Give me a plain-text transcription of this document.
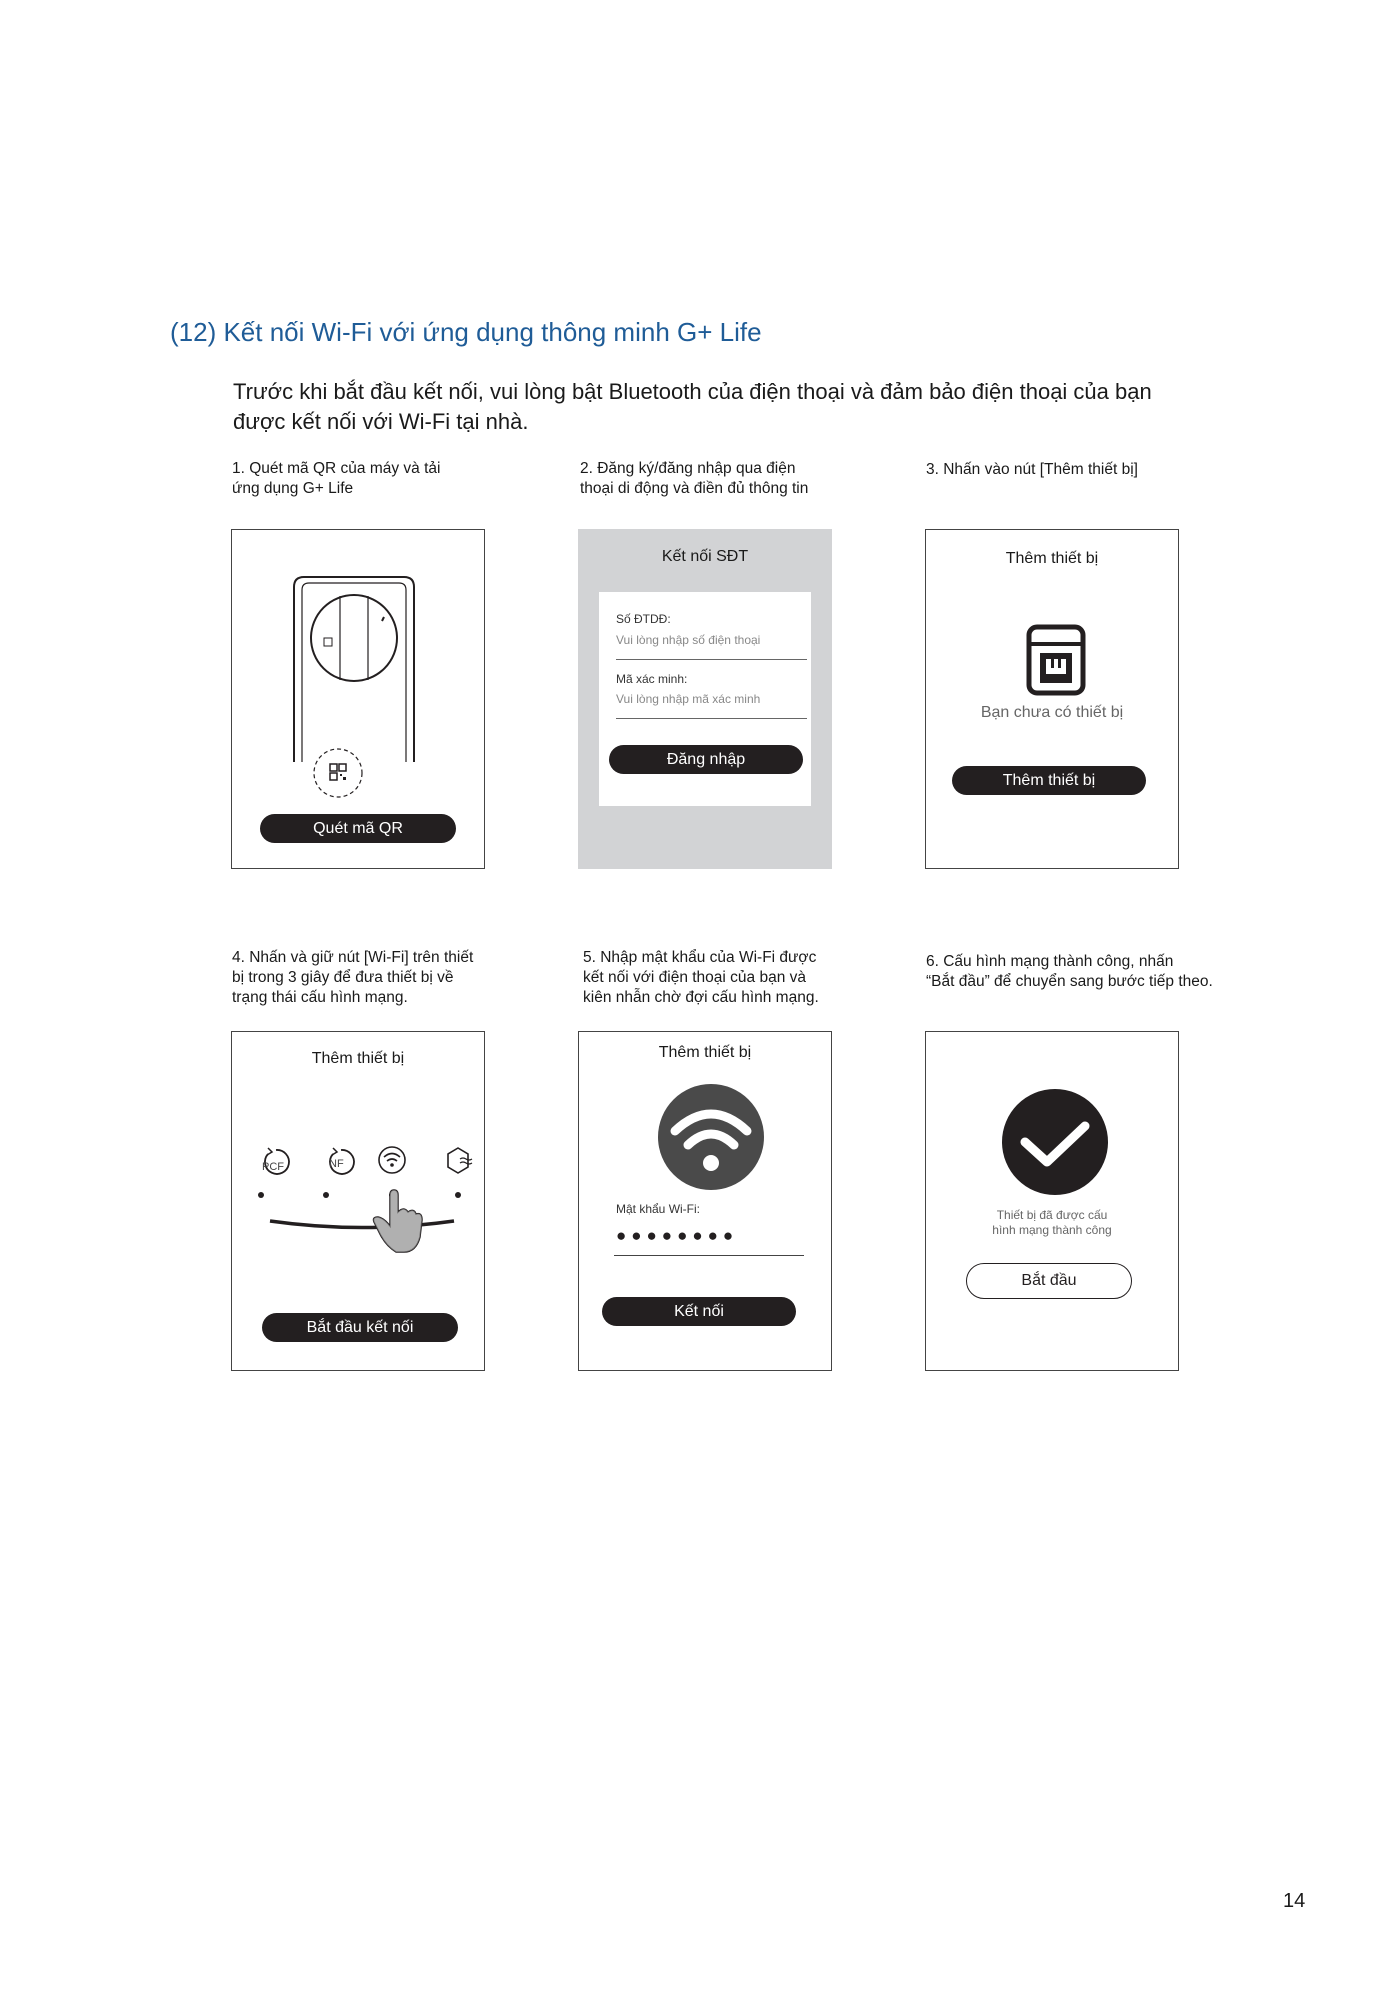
(12) Kết nối Wi-Fi với ứng dụng thông minh G+ Life
Trước khi bắt đầu kết nối, vui lòng bật Bluetooth của điện thoại và đảm bảo điện thoại của bạn
được kết nối với Wi-Fi tại nhà.
1. Quét mã QR của máy và tải
ứng dụng G+ Life
2. Đăng ký/đăng nhập qua điện
thoại di động và điền đủ thông tin
3. Nhấn vào nút [Thêm thiết bị]
Quét mã QR
Kết nối SĐT
Số ĐTDĐ:
Vui lòng nhập số điện thoại
Mã xác minh:
Vui lòng nhập mã xác minh
Đăng nhập
Thêm thiết bị
Bạn chưa có thiết bị
Thêm thiết bị
4. Nhấn và giữ nút [Wi-Fi] trên thiết
bị trong 3 giây để đưa thiết bị về
trạng thái cấu hình mạng.
5. Nhập mật khẩu của Wi-Fi được
kết nối với điện thoại của bạn và
kiên nhẫn chờ đợi cấu hình mạng.
6. Cấu hình mạng thành công, nhấn
“Bắt đầu” để chuyển sang bước tiếp theo.
Thêm thiết bị
PCF	NF
Bắt đầu kết nối
Thêm thiết bị
Mật khẩu Wi-Fi:
●●●●●●●●
Kết nối
Thiết bị đã được cấu
hình mạng thành công
Bắt đầu
14
